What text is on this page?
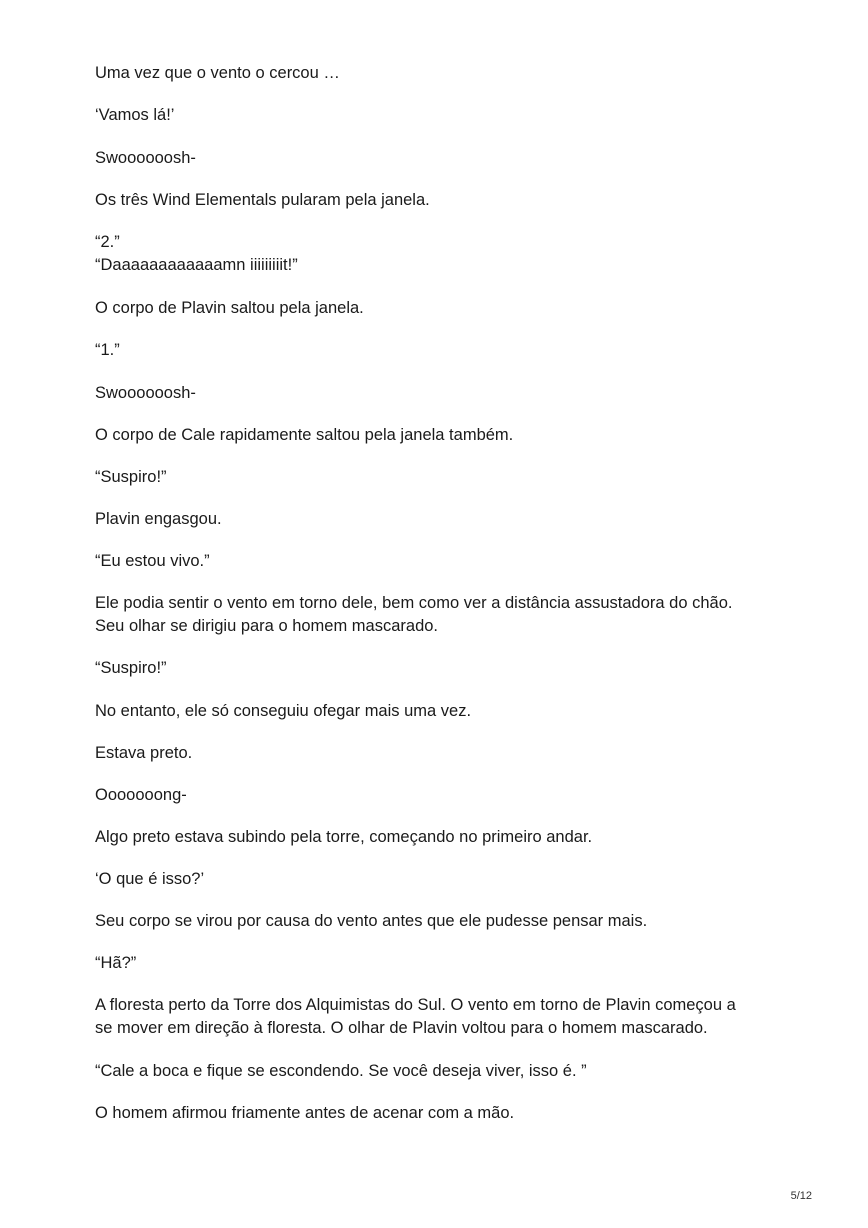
Uma vez que o vento o cercou …

‘Vamos lá!’

Swoooooosh-

Os três Wind Elementals pularam pela janela.

“2.”
“Daaaaaaaaaaaamn iiiiiiiiit!”

O corpo de Plavin saltou pela janela.

“1.”

Swoooooosh-

O corpo de Cale rapidamente saltou pela janela também.

“Suspiro!”

Plavin engasgou.

“Eu estou vivo.”

Ele podia sentir o vento em torno dele, bem como ver a distância assustadora do chão.
Seu olhar se dirigiu para o homem mascarado.

“Suspiro!”

No entanto, ele só conseguiu ofegar mais uma vez.

Estava preto.

Ooooooong-

Algo preto estava subindo pela torre, começando no primeiro andar.

‘O que é isso?’

Seu corpo se virou por causa do vento antes que ele pudesse pensar mais.

“Hã?”

A floresta perto da Torre dos Alquimistas do Sul. O vento em torno de Plavin começou a
se mover em direção à floresta. O olhar de Plavin voltou para o homem mascarado.

“Cale a boca e fique se escondendo. Se você deseja viver, isso é. ”

O homem afirmou friamente antes de acenar com a mão.

5/12
